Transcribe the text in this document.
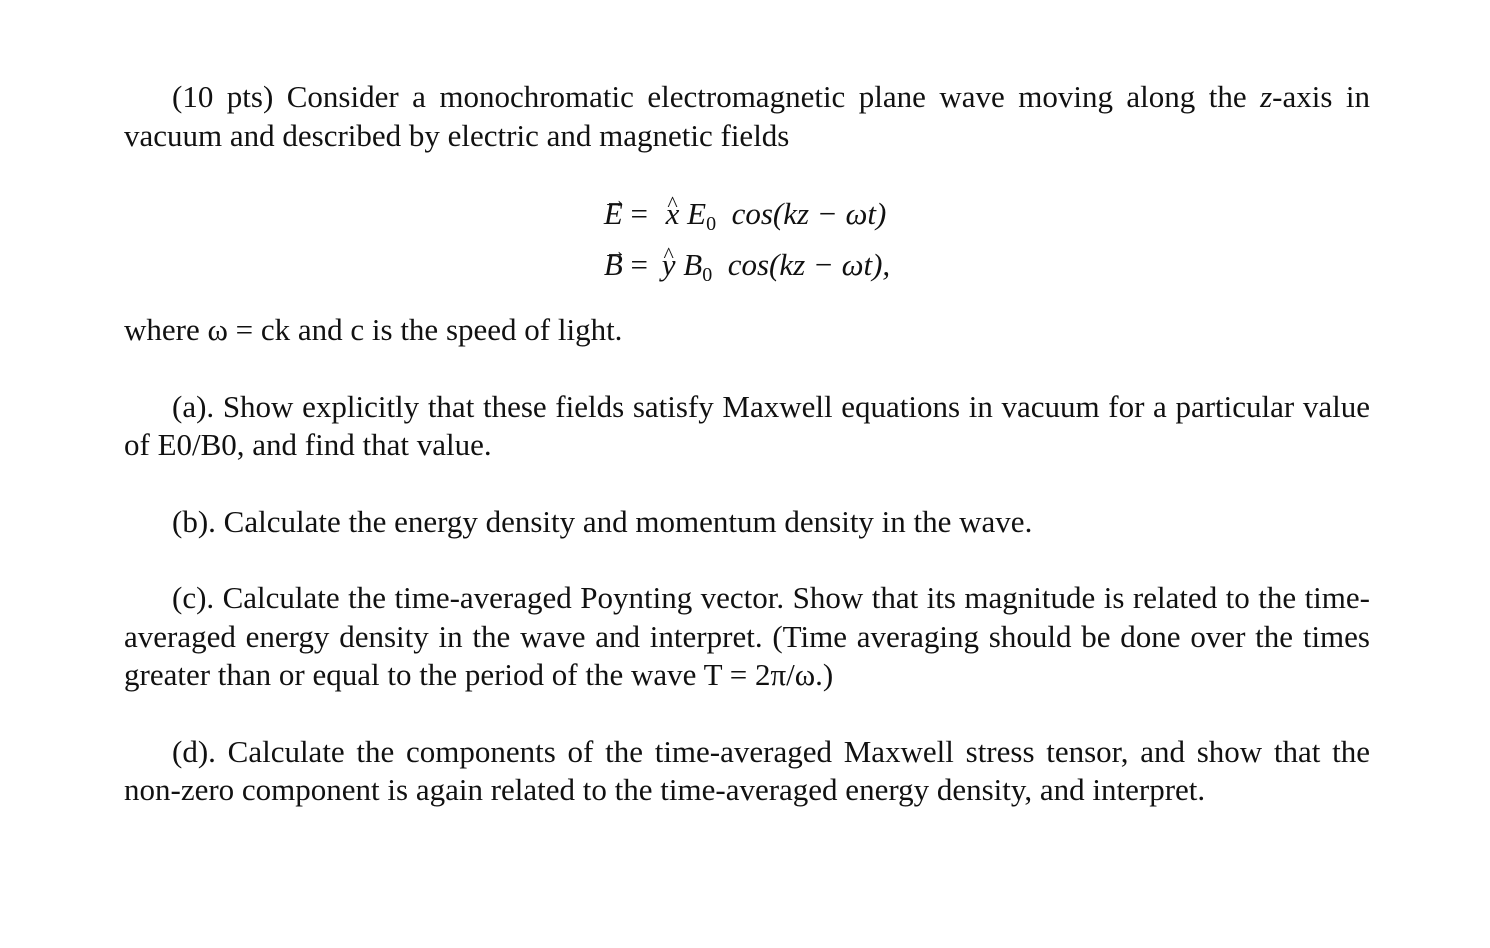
(10 pts) Consider a monochromatic electromagnetic plane wave moving along the z-axis in vacuum and described by electric and magnetic fields

→ E = ^ x
$E_0$
cos(kz − ωt)
→ B = ^ y
$B_0$
cos(kz − ωt),

where ω = ck and c is the speed of light.

(a). Show explicitly that these fields satisfy Maxwell equations in vacuum for a particular value of E0/B0, and find that value.

(b). Calculate the energy density and momentum density in the wave.

(c). Calculate the time-averaged Poynting vector. Show that its magnitude is related to the time-averaged energy density in the wave and interpret. (Time averaging should be done over the times greater than or equal to the period of the wave T = 2π/ω.)

(d). Calculate the components of the time-averaged Maxwell stress tensor, and show that the non-zero component is again related to the time-averaged energy density, and interpret.
